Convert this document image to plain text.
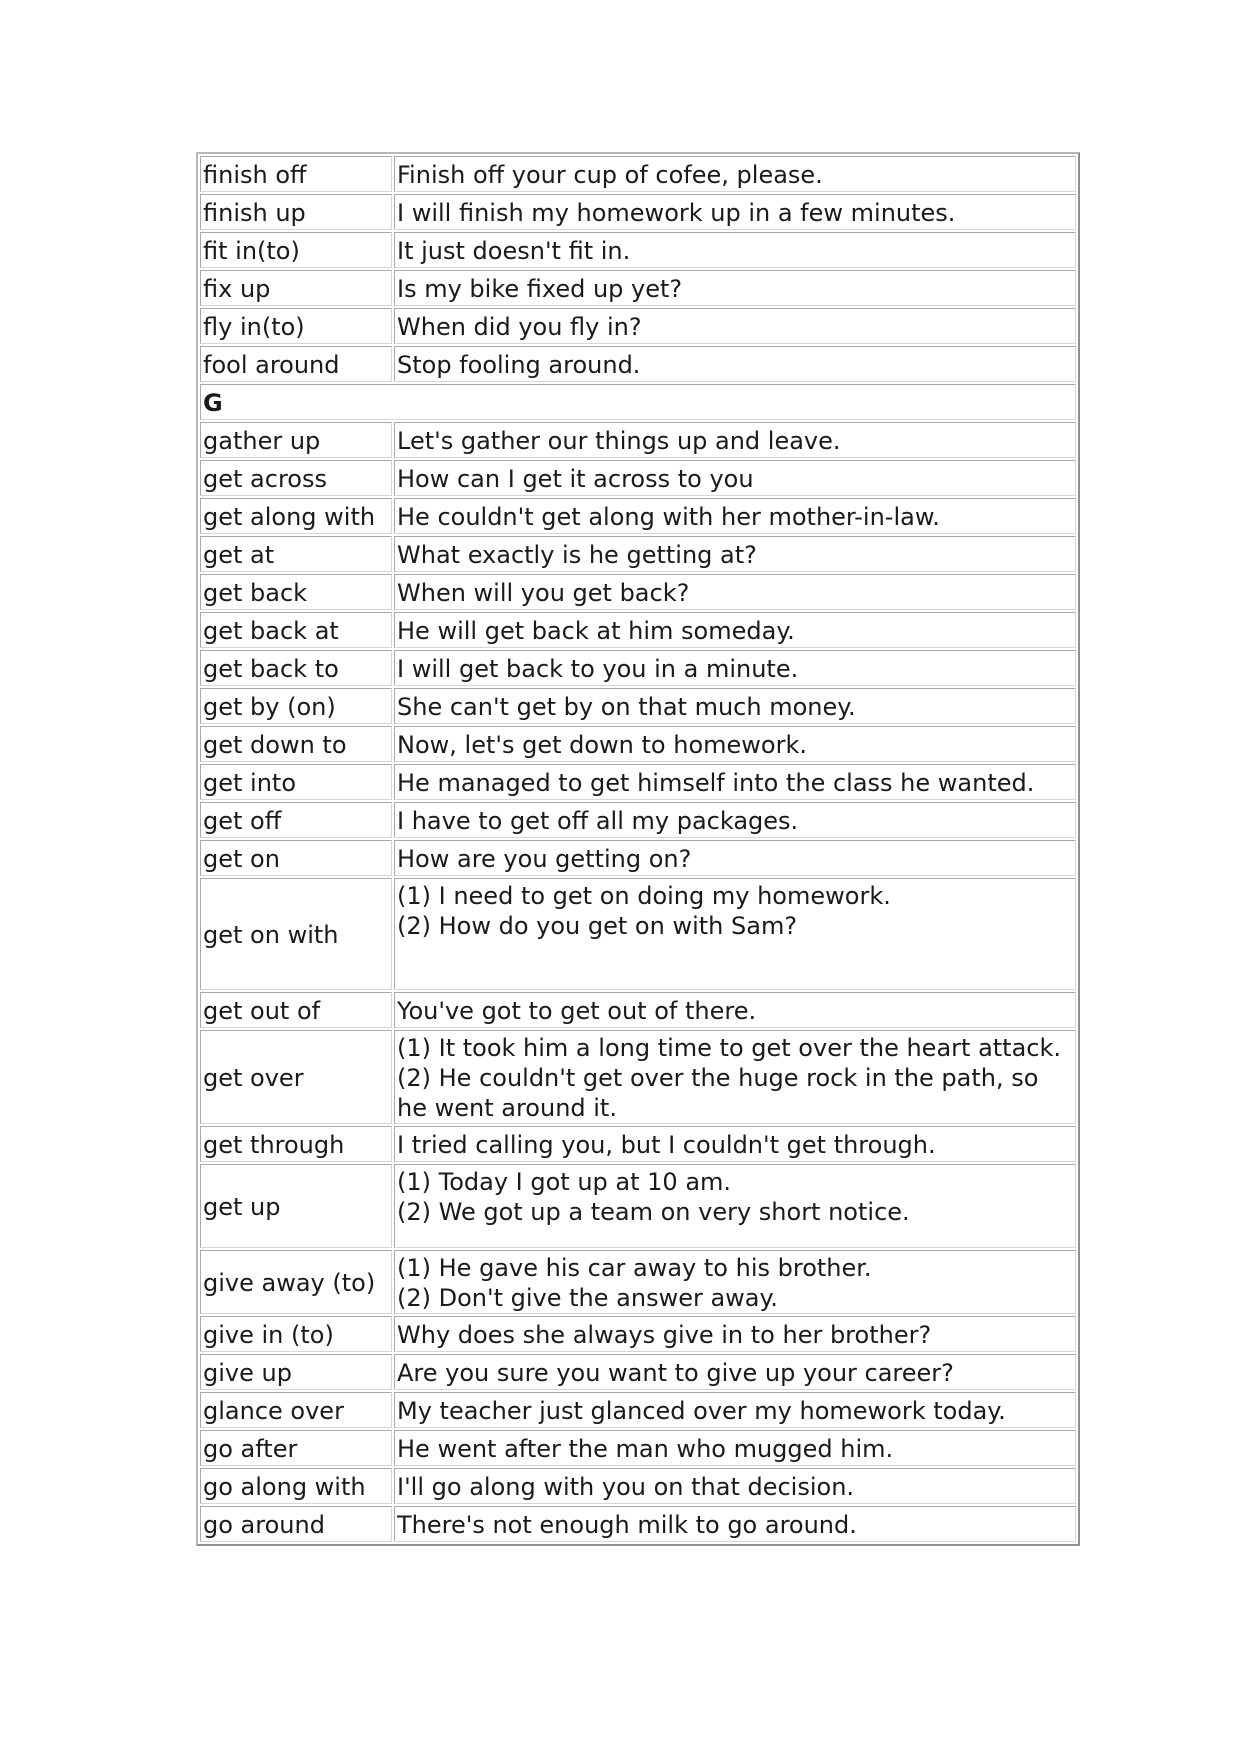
finish off	Finish off your cup of cofee, please.

finish up	I will finish my homework up in a few minutes.

fit in(to)	It just doesn't fit in.

fix up	Is my bike fixed up yet?

fly in(to)	When did you fly in?

fool around	Stop fooling around.

G	
gather up	Let's gather our things up and leave.

get across	How can I get it across to you

get along with	He couldn't get along with her mother-in-law.

get at	What exactly is he getting at?

get back	When will you get back?

get back at	He will get back at him someday.

get back to	I will get back to you in a minute.

get by (on)	She can't get by on that much money.

get down to	Now, let's get down to homework.

get into	He managed to get himself into the class he wanted.

get off	I have to get off all my packages.

get on	How are you getting on?

get on with	(1) I need to get on doing my homework.
(2) How do you get on with Sam?

get out of	You've got to get out of there.

get over	(1) It took him a long time to get over the heart attack.
(2) He couldn't get over the huge rock in the path, so he went around it.

get through	I tried calling you, but I couldn't get through.

get up	(1) Today I got up at 10 am.
(2) We got up a team on very short notice.

give away (to)	(1) He gave his car away to his brother.
(2) Don't give the answer away.

give in (to)	Why does she always give in to her brother?

give up	Are you sure you want to give up your career?

glance over	My teacher just glanced over my homework today.

go after	He went after the man who mugged him.

go along with	I'll go along with you on that decision.

go around	There's not enough milk to go around.
